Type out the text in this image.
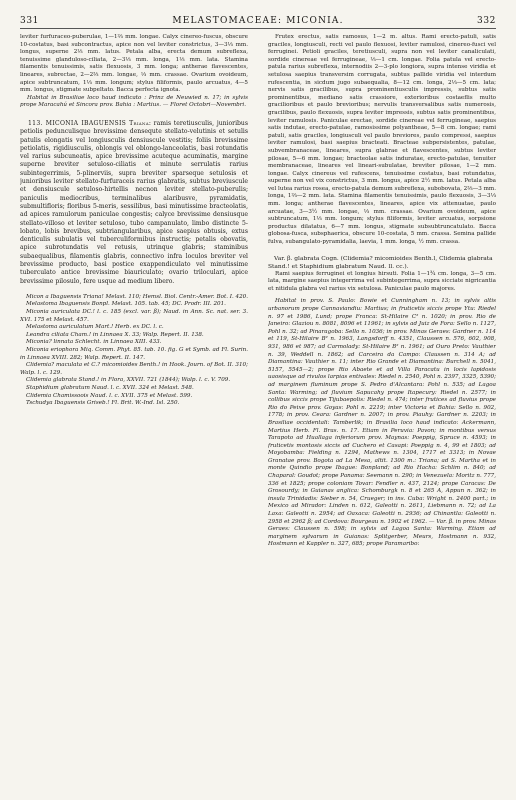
331	MELASTOMACEAE: MICONIA.	332

leviter furfuraceo-puberulae, 1—1⅔ mm. longae. Calyx cinereo-fuscus, obscure 10-costatus, basi subcontractus, apice non vel leviter constrictus, 3—3⅓ mm. longus, superne 2⅓ mm. latus. Petala alba, erecta demum subreflexa, tenuissime glanduloso-ciliata, 2—3⅓ mm. longa, 1⅓ mm. lata. Stamina filamentis tenuissimis, satis flexuosis, 3 mm. longa; antherae flavescentes, lineares, subrectae, 2—2⅔ mm. longae, ⅓ mm. crassae. Ovarium ovoideum, apice subtruncatum, 1⅓ mm. longum; stylus filiformis, paulo arcuatus, 4—5 mm. longus, stigmate subpeltato. Bacca perfecta ignota.

Habitat in Brasiliae loco haud indicato : Prinz de Neuwied n. 17; in sylvis prope Maracahú et Sincora prov. Bahia : Martius. — Floret Octobri—Novembri.

113. MICONIA IBAGUENSIS Triana: ramis teretiusculis, junioribus petiolis pedunculisque brevissime densequte stellato-velutinis et setulis patulis elongatis vel longiusculis densiuscule vestitis; foliis brevissime petiolatis, rigidiusculis, oblongis vel oblongo-lanceolatis, basi rotundatis vel rarius subcuneatis, apice brevissime acuteque acuminatis, margine superne breviter setuloso-ciliatis et minute serrulatis rarius subintegerrimis, 5-plinerviis, supra breviter sparseque setulosis et junioribus leviter stellato-furfuraceis rarius glabratis, subtus breviuscule et densiuscule setuloso-hirtellis necnon leviter stellato-puberulis; paniculis mediocribus, terminalibus alaribusve, pyramidatis, submultifloris; floribus 5-meris, sessilibus, basi minutissime bracteolatis, ad apices ramulorum paniculae congestis; calyce brevissime densiusque stellato-villoso et leviter setuloso, tubo campanulato, limbo distincte 5-lobato, lobis brevibus, subtriangularibus, apice saepius obtusis, extus denticulis subulatis vel tuberculiformibus instructis; petalis obovatis, apice subrotundatis vel retusis, utrinque glabris; staminibus subaequalibus, filamentis glabris, connectivo infra loculos breviter vel brevissime producto, basi postice exappendiculato vel minutissime tuberculato antice brevissime biauriculato; ovario triloculari, apice brevissime pilosulo, fere usque ad medium libero.

Micon a Ibaguensis Triana! Melast. 110; Hemsl. Biol. Centr.-Amer. Bot. I. 420.

Melastoma Ibaguensis Bonpl. Melast. 105. tab. 45; DC. Prodr. III. 201.

Miconia auriculata DC.! l. c. 185 (excl. var. β); Naud. in Ann. Sc. nat. ser. 3. XVI. 175 et Melast. 457.

Melastoma auriculatum Mart.! Herb. ex DC. l. c.

Leandra ciliata Cham.! in Linnaea X. 33; Walp. Repert. II. 138.

Miconia? linnata Schlecht. in Linnaea XIII. 433.

Miconia eriophora Miq. Comm. Phyt. 85. tab. 10. fig. G et Symb. ad Fl. Surin. in Linnaea XVIII. 282; Walp. Repert. II. 147.

Clidemia? maculata et C.? micomioides Benth.! in Hook. Journ. of Bot. II. 310; Walp. l. c. 129.

Clidemia glabrata Stand.! in Flora, XXVII. 721 (1844); Walp. l. c. V. 709.

Staphidium glabratum Naud. l. c. XVII. 324 et Melast. 548.

Clidemia Chamissoois Naud. l. c. XVII. 375 et Melast. 599.

Tschudya Ibaguensis Griseb.! Fl. Brit. W.-Ind. Isl. 250.

Frutex erectus, satis ramosus, 1—2 m. altus. Rami erecto-patuli, satis graciles, longiusculi, recti vel paulo flexuosi, leviter ramulosi, cinereo-fusci vel ferruginei. Petioli graciles, teretiusculi, supra non vel leviter canaliculati, sordide cinereae vel ferrugineae, ⅓—1 cm. longae. Folia patula vel erecto-patula rarius subreflexa, internodiis 2—3-plo longiora, supra intense viridia et setulosa saepius transversim corrugata, subtus pallide viridia vel interdum rufescentia, in sicdum jugo subaequalia, 8—12 cm. longa, 2⅓—5 cm. lata; nervis satis gracilibus, supra prominentiusculis impressis, subtus satis prominentibus, mediano satis crassiore, exterioribus costaeflis multo gracilioribus et paulo brevioribus; nervulis transversalibus satis numerosis, gracilibus, paulo flexuosis, supra leviter impressis, subtus satis prominentibus, leviter ramulosis. Paniculae erectae, sordide cinereae vel ferrugineae, saepius satis indutae, erecto-patulae, ramosissime polyantheae, 5—8 cm. longae; rami patuli, satis graciles, longiusculi vel paulo breviores, paulo compressi, saepius leviter ramulosi, basi saepius bracteati. Bracteae subpersistentes, patulae, subvembranaceae, lineares, supra glabrae et flavescentes, subtus leviter pilosae, 5—6 mm. longae; bracteolae satis induratae, erecto-patulae, tenuiter membranaceae, lineares vel lineari-subulatae, breviter pilosae, 1—2 mm. longae. Calyx cinereus vel rufescens, tenuissime costatus, basi rotundatus, superne non vel vix constrictus, 3 mm. longus, apice 2½ mm. latus. Petala alba vel lutea rarius rosea, erecto-patula demum subreflexa, subobovata, 2⅔—3 mm. longa, 1⅔—2 mm. lata. Stamina filamentis tenuissimis, paulo flexuosis, 3—3⅓ mm. longa; antherae flavescentes, lineares, apice vix attenuatae, paulo arcuatae, 3—3½ mm. longae, ⅓ mm. crassae. Ovarium ovoideum, apice subtruncatum, 1⅓ mm. longum; stylus filiformis, leviter arcuatus, sorpsione productus dilatatus, 6—7 mm. longus, stigmate subsubtruncatulato. Bacca globosa-fusca, subsphaerica, obscure 10-costata, 5 mm. crassa. Semina pallide fulva, subangulato-pyramidalia, laevia, 1 mm. longa, ½ mm. crassa.

Var. β. glabrata Cogn. (Clidemia? micomioides Benth.l, Clidemia glabrata Stand.! et Staphidium glabratum Naud. ll. cc.).

Rami saepius ferruginei et longius hirsuti. Folia 1—1¾ cm. longa, 3—5 cm. lata, margine saepius integerrima vel subintegerrima, supra sicciate nigricantia et nitidula glabra vel rarius vix setulosa. Paniculae paulo majores.

Habitat in prov. S. Paulo: Bowie et Cunningham n. 13; in sylvis altis urbanorum prope Cannaviandiu: Martius; in fruticetis siccis prope Ytu: Riedel n. 97 et 1986, Lund; prope Franca: St-Hilaire C² n. 1020; in prov. Rio de Janeiro: Glaziou n. 8081, 8096 et 11961; in sylvis ad Juiz de Fora: Sello n. 1127, Pohl n. 32; ad Pinaragoba: Sello n. 1036; in prov. Minas Geraes: Gardner n. 114 et 119, St-Hilaire B² n. 1963, Langsdorff n. 4351, Claussen n. 576, 602, 908, 931, 986 et 987; ad Carmolady: St-Hilaire B² n. 1961; ad Ouro Preto: Vauthier n. 39, Weddell n. 1862; ad Carceira da Campo: Claussen n. 314 A; ad Diamantina: Vauthier n. 11; inter Rio Grande et Diamantina: Burchell n. 5041, 5157, 5545—2; prope Rio Abaete et ad Villa Paracatu in locis lapidosis uaosisque ad rivulos larpias entivales: Riedel n. 2540, Pohl n. 2397, 3325, 5390; ad marginem fluminum prope S. Pedro d'Alcantara: Pohl n. 535; ad Lagoa Santa: Warming; ad ſluvium Sapucahy prope Itapecury: Riedel n. 2577; in collibus siccis prope Tijubaepolis: Riedel n. 474; inter frutices ad fluvius prope Rio do Peixe prov. Goyas: Pohl n. 2219; inter Victoria et Bahia: Sello n. 902, 1778; in prov. Ceara: Gardner n. 2007; in prov. Piauhy: Gardner n. 2203; in Brasiliae occidentali: Tamberlik; in Brasilia loco haud indicato: Ackermann, Martius Herb. Fl. Bras. n. 17. Etiam in Peruvia: Pavon; in montibus versus Tarapoto ad Huallaga inferiorum prov. Maynas: Poeppig, Spruce n. 4593; in fruticetis montosis siccis ad Cuchero et Casapi: Poeppig n. 4, 99 et 1803; ad Moyobamba: Fielding n. 1294, Mathews n. 1304, 1717 et 3313; in Novae Granatae prov. Bogota ad La Mesa, altit. 1300 m.: Triana; ad S. Martha et in monte Quindio prope Ibague: Bonpland; ad Rio Hacha: Schlim n. 840; ad Chaparal: Goudot; prope Panama: Seemann n. 290; in Venezuela: Moritz n. 777, 336 et 1825; prope coloniam Tovar: Fendler n. 437, 2124; prope Caracas: De Grosourdy; in Guianas anglica: Schomburgk n. 8 et 265 A, Appun n. 362; in insula Trinidadis: Sieber n. 54, Crueger; in ins. Cuba: Wright n. 2400 part.; in Mexico ad Mirador: Linden n. 612, Galeotti n. 2611, Liebmann n. 72; ad La Laxa: Galeotti n. 2954; ad Oaxaca: Galeotti n. 2936; ad Chinantla: Galeotti n. 2958 et 2962 β; ad Cordova: Bourgeau n. 1902 et 1962. — Var. β. in prov. Minas Geraes: Claussen n. 598; in sylvis ad Lagoa Santa: Warming. Etiam ad marginem sylvarum in Guianas: Splitgerber, Meurs, Hostmann n. 932, Hostmann et Kappler n. 327, 685; prope Paramaribo:
